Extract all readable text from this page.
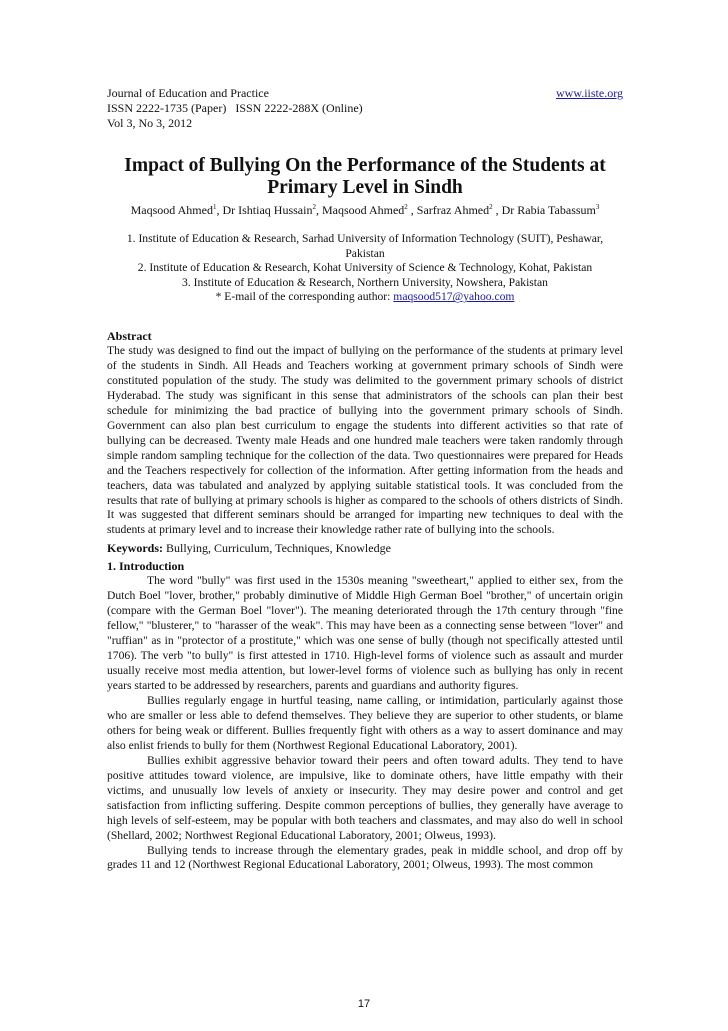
Journal of Education and Practice	www.iiste.org
ISSN 2222-1735 (Paper)   ISSN 2222-288X (Online)
Vol 3, No 3, 2012
Impact of Bullying On the Performance of the Students at Primary Level in Sindh
Maqsood Ahmed$^1$, Dr Ishtiaq Hussain$^2$, Maqsood Ahmed$^2$ , Sarfraz Ahmed$^2$ , Dr Rabia Tabassum$^3$
1. Institute of Education & Research, Sarhad University of Information Technology (SUIT), Peshawar, Pakistan
2. Institute of Education & Research, Kohat University of Science & Technology, Kohat, Pakistan
3. Institute of Education & Research, Northern University, Nowshera, Pakistan
* E-mail of the corresponding author: maqsood517@yahoo.com
Abstract

The study was designed to find out the impact of bullying on the performance of the students at primary level of the students in Sindh. All Heads and Teachers working at government primary schools of Sindh were constituted population of the study. The study was delimited to the government primary schools of district Hyderabad. The study was significant in this sense that administrators of the schools can plan their best schedule for minimizing the bad practice of bullying into the government primary schools of Sindh. Government can also plan best curriculum to engage the students into different activities so that rate of bullying can be decreased. Twenty male Heads and one hundred male teachers were taken randomly through simple random sampling technique for the collection of the data. Two questionnaires were prepared for Heads and the Teachers respectively for collection of the information. After getting information from the heads and teachers, data was tabulated and analyzed by applying suitable statistical tools. It was concluded from the results that rate of bullying at primary schools is higher as compared to the schools of others districts of Sindh. It was suggested that different seminars should be arranged for imparting new techniques to deal with the students at primary level and to increase their knowledge rather rate of bullying into the schools.

Keywords: Bullying, Curriculum, Techniques, Knowledge
1. Introduction

The word "bully" was first used in the 1530s meaning "sweetheart," applied to either sex, from the Dutch Boel "lover, brother," probably diminutive of Middle High German Boel "brother," of uncertain origin (compare with the German Boel "lover"). The meaning deteriorated through the 17th century through "fine fellow," "blusterer," to "harasser of the weak". This may have been as a connecting sense between "lover" and "ruffian" as in "protector of a prostitute," which was one sense of bully (though not specifically attested until 1706). The verb "to bully" is first attested in 1710. High-level forms of violence such as assault and murder usually receive most media attention, but lower-level forms of violence such as bullying has only in recent years started to be addressed by researchers, parents and guardians and authority figures.

Bullies regularly engage in hurtful teasing, name calling, or intimidation, particularly against those who are smaller or less able to defend themselves. They believe they are superior to other students, or blame others for being weak or different. Bullies frequently fight with others as a way to assert dominance and may also enlist friends to bully for them (Northwest Regional Educational Laboratory, 2001).

Bullies exhibit aggressive behavior toward their peers and often toward adults. They tend to have positive attitudes toward violence, are impulsive, like to dominate others, have little empathy with their victims, and unusually low levels of anxiety or insecurity. They may desire power and control and get satisfaction from inflicting suffering. Despite common perceptions of bullies, they generally have average to high levels of self-esteem, may be popular with both teachers and classmates, and may also do well in school (Shellard, 2002; Northwest Regional Educational Laboratory, 2001; Olweus, 1993).

Bullying tends to increase through the elementary grades, peak in middle school, and drop off by grades 11 and 12 (Northwest Regional Educational Laboratory, 2001; Olweus, 1993). The most common

17
